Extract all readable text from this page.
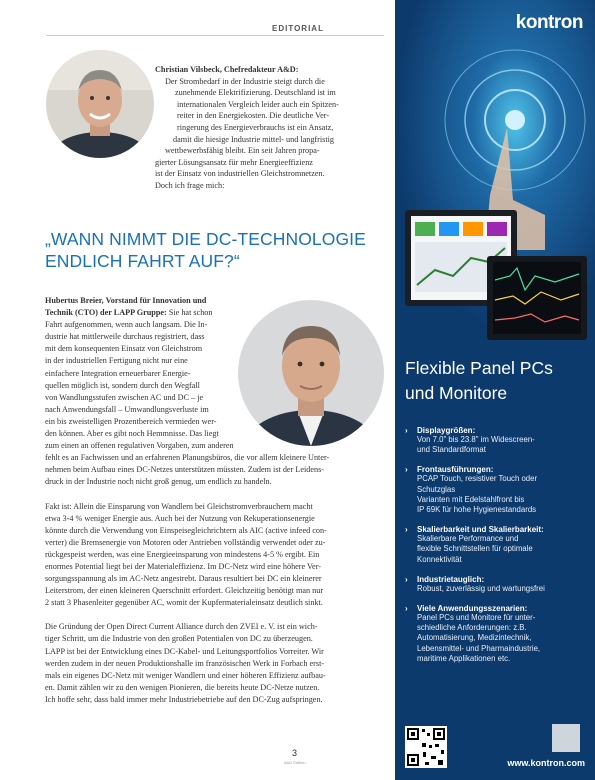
EDITORIAL
Christian Vilsbeck, Chefredakteur A&D:
Der Strombedarf in der Industrie steigt durch die
zunehmende Elektrifizierung. Deutschland ist im
internationalen Vergleich leider auch ein Spitzen-
reiter in den Energiekosten. Die deutliche Ver-
ringerung des Energieverbrauchs ist ein Ansatz,
damit die hiesige Industrie mittel- und langfristig
wettbewerbsfähig bleibt. Ein seit Jahren propa-
gierter Lösungsansatz für mehr Energieeffizienz
ist der Einsatz von industriellen Gleichstromnetzen.
Doch ich frage mich:
„WANN NIMMT DIE DC-TECHNOLOGIE
ENDLICH FAHRT AUF?“
Hubertus Breier, Vorstand für Innovation und
Technik (CTO) der LAPP Gruppe: Sie hat schon
Fahrt aufgenommen, wenn auch langsam. Die In-
dustrie hat mittlerweile durchaus registriert, dass
mit dem konsequenten Einsatz von Gleichstrom
in der industriellen Fertigung nicht nur eine
einfachere Integration erneuerbarer Energie-
quellen möglich ist, sondern durch den Wegfall
von Wandlungsstufen zwischen AC und DC – je
nach Anwendungsfall – Umwandlungsverluste im
ein bis zweistelligen Prozentbereich vermieden wer-
den können. Aber es gibt noch Hemmnisse. Das liegt
zum einen an offenen regulativen Vorgaben, zum anderen
fehlt es an Fachwissen und an erfahrenen Planungsbüros, die vor allem kleinere Unter-
nehmen beim Aufbau eines DC-Netzes unterstützen müssten. Zudem ist der Leidens-
druck in der Industrie noch nicht groß genug, um endlich zu handeln.
Fakt ist: Allein die Einsparung von Wandlern bei Gleichstromverbrauchern macht
etwa 3-4 % weniger Energie aus. Auch bei der Nutzung von Rekuperationsenergie
könnte durch die Verwendung von Einspeisegleichrichtern als AIC (active infeed con-
verter) die Bremsenergie von Motoren oder Antrieben vollständig verwendet oder zu-
rückgespeist werden, was eine Energieeinsparung von mindestens 4-5 % ergibt. Ein
enormes Potential liegt bei der Materialeffizienz. Im DC-Netz wird eine höhere Ver-
sorgungsspannung als im AC-Netz angestrebt. Daraus resultiert bei DC ein kleinerer
Leiterstrom, der einen kleineren Querschnitt erfordert. Gleichzeitig benötigt man nur
2 statt 3 Phasenleiter gegenüber AC, womit der Kupfermaterialeinsatz deutlich sinkt.
Die Gründung der Open Direct Current Alliance durch den ZVEI e. V. ist ein wich-
tiger Schritt, um die Industrie von den großen Potentialen von DC zu überzeugen.
LAPP ist bei der Entwicklung eines DC-Kabel- und Leitungsportfolios Vorreiter. Wir
werden zudem in der neuen Produktionshalle im französischen Werk in Forbach erst-
mals ein eigenes DC-Netz mit weniger Wandlern und einer höheren Effizienz aufbau-
en. Damit zählen wir zu den wenigen Pionieren, die bereits heute DC-Netze nutzen.
Ich hoffe sehr, dass bald immer mehr Industriebetriebe auf den DC-Zug aufspringen.
3
A&D Edition
kontron
Flexible Panel PCs
und Monitore
› Displaygrößen:
Von 7.0" bis 23.8" im Widescreen-
und Standardformat
› Frontausführungen:
PCAP Touch, resistiver Touch oder
Schutzglas
Varianten mit Edelstahlfront bis
IP 69K für hohe Hygienestandards
› Skalierbarkeit und Skalierbarkeit:
Skalierbare Performance und
flexible Schnittstellen für optimale
Konnektivität
› Industrietauglich:
Robust, zuverlässig und wartungsfrei
› Viele Anwendungsszenarien:
Panel PCs und Monitore für unter-
schiedliche Anforderungen: z.B.
Automatisierung, Medizintechnik,
Lebensmittel- und Pharmaindustrie,
maritime Applikationen etc.
www.kontron.com
